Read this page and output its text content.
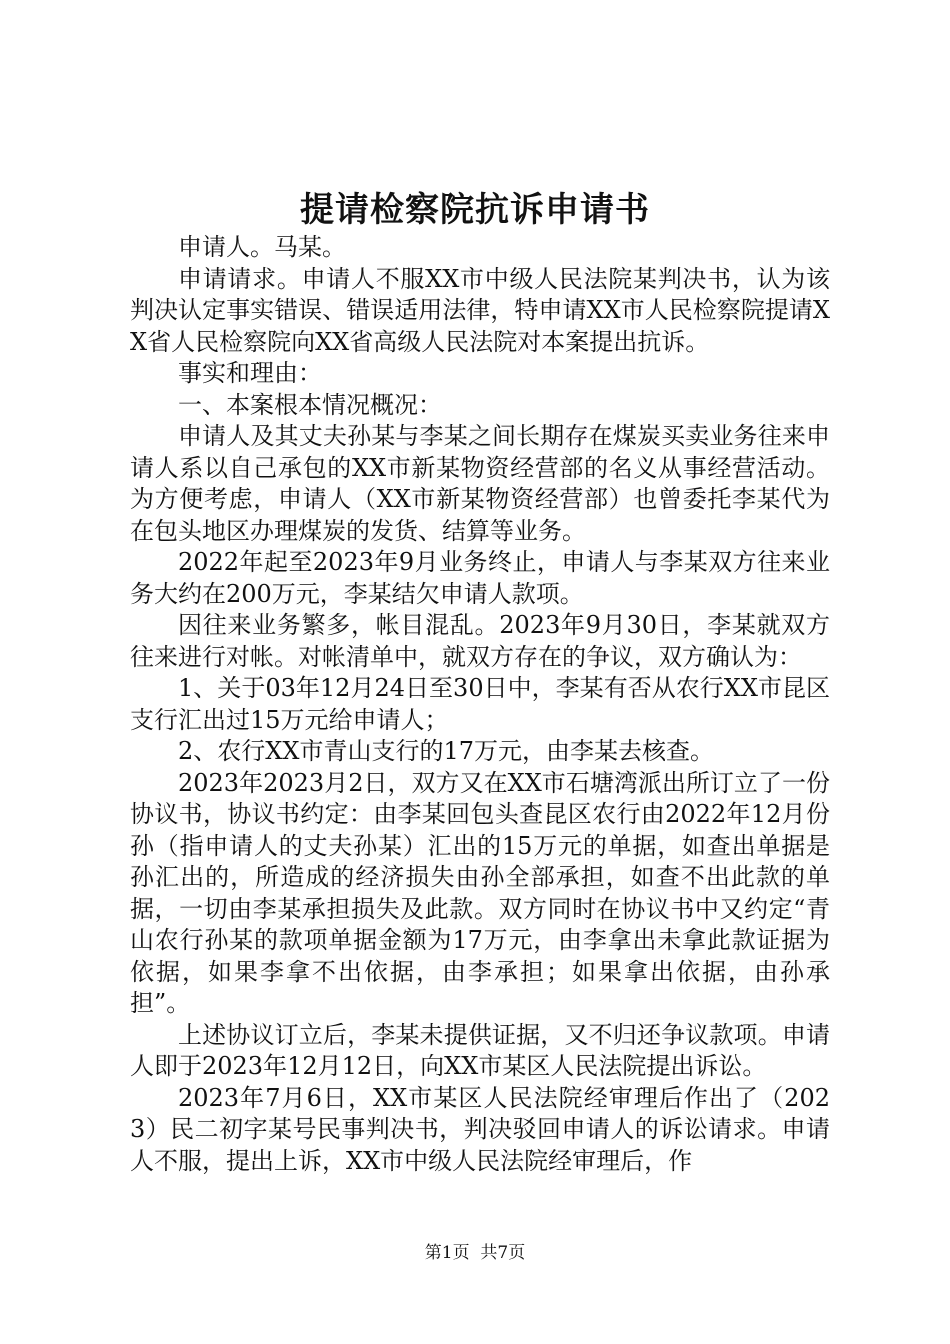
提请检察院抗诉申请书

申请人。马某。

申请请求。申请人不服XX市中级人民法院某判决书，认为该判决认定事实错误、错误适用法律，特申请XX市人民检察院提请XX省人民检察院向XX省高级人民法院对本案提出抗诉。

事实和理由：

一、本案根本情况概况：

申请人及其丈夫孙某与李某之间长期存在煤炭买卖业务往来申请人系以自己承包的XX市新某物资经营部的名义从事经营活动。为方便考虑，申请人（XX市新某物资经营部）也曾委托李某代为在包头地区办理煤炭的发货、结算等业务。

2022年起至2023年9月业务终止，申请人与李某双方往来业务大约在200万元，李某结欠申请人款项。

因往来业务繁多，帐目混乱。2023年9月30日，李某就双方往来进行对帐。对帐清单中，就双方存在的争议，双方确认为：

1、关于03年12月24日至30日中，李某有否从农行XX市昆区支行汇出过15万元给申请人；

2、农行XX市青山支行的17万元，由李某去核查。

2023年2023月2日，双方又在XX市石塘湾派出所订立了一份协议书，协议书约定：由李某回包头查昆区农行由2022年12月份孙（指申请人的丈夫孙某）汇出的15万元的单据，如查出单据是孙汇出的，所造成的经济损失由孙全部承担，如查不出此款的单据，一切由李某承担损失及此款。双方同时在协议书中又约定“青山农行孙某的款项单据金额为17万元，由李拿出未拿此款证据为依据，如果李拿不出依据，由李承担；如果拿出依据，由孙承担”。

上述协议订立后，李某未提供证据，又不归还争议款项。申请人即于2023年12月12日，向XX市某区人民法院提出诉讼。

2023年7月6日，XX市某区人民法院经审理后作出了（2023）民二初字某号民事判决书，判决驳回申请人的诉讼请求。申请人不服，提出上诉，XX市中级人民法院经审理后，作

第1页  共7页
